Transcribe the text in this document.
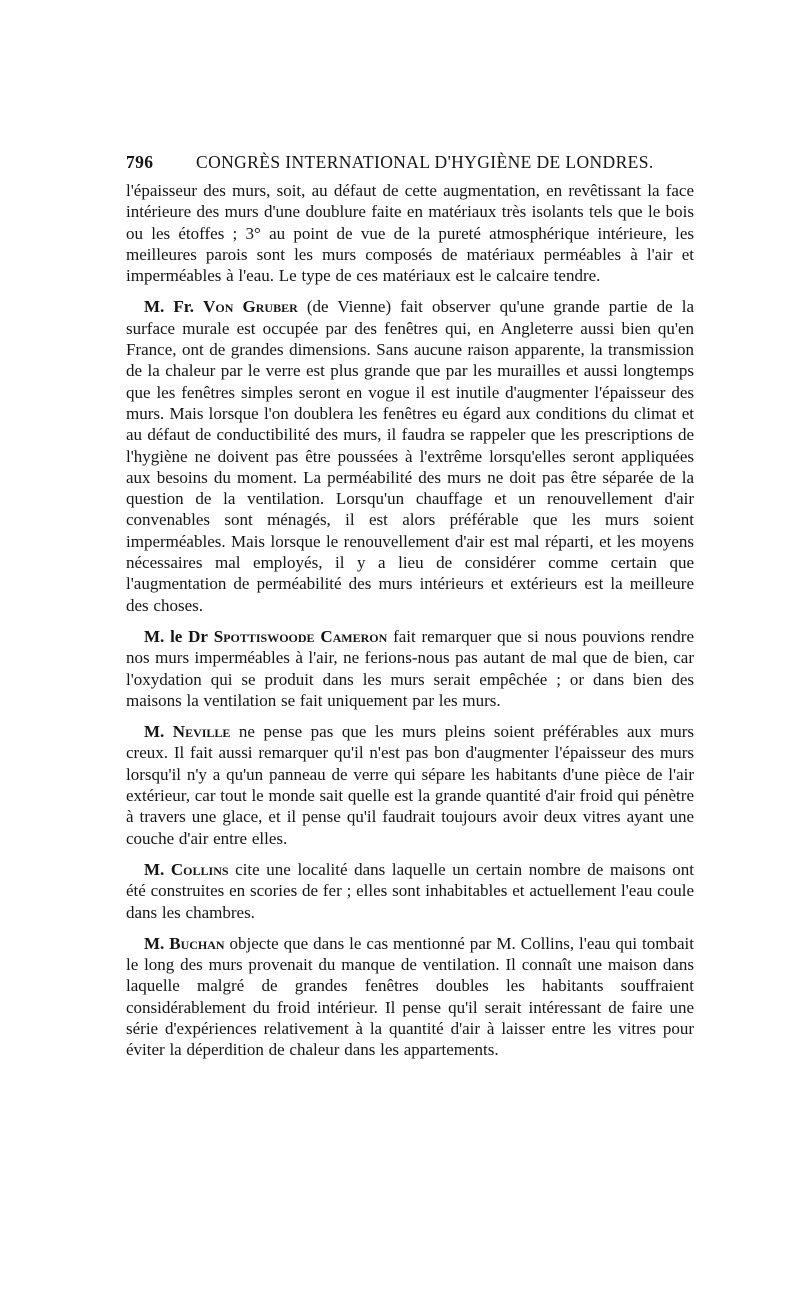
796	CONGRÈS INTERNATIONAL D'HYGIÈNE DE LONDRES.

l'épaisseur des murs, soit, au défaut de cette augmentation, en revêtissant la face intérieure des murs d'une doublure faite en matériaux très isolants tels que le bois ou les étoffes ; 3° au point de vue de la pureté atmosphérique intérieure, les meilleures parois sont les murs composés de matériaux perméables à l'air et imperméables à l'eau. Le type de ces matériaux est le calcaire tendre.

M. Fr. Von Gruber (de Vienne) fait observer qu'une grande partie de la surface murale est occupée par des fenêtres qui, en Angleterre aussi bien qu'en France, ont de grandes dimensions. Sans aucune raison apparente, la transmission de la chaleur par le verre est plus grande que par les murailles et aussi longtemps que les fenêtres simples seront en vogue il est inutile d'augmenter l'épaisseur des murs. Mais lorsque l'on doublera les fenêtres eu égard aux conditions du climat et au défaut de conductibilité des murs, il faudra se rappeler que les prescriptions de l'hygiène ne doivent pas être poussées à l'extrême lorsqu'elles seront appliquées aux besoins du moment. La perméabilité des murs ne doit pas être séparée de la question de la ventilation. Lorsqu'un chauffage et un renouvellement d'air convenables sont ménagés, il est alors préférable que les murs soient imperméables. Mais lorsque le renouvellement d'air est mal réparti, et les moyens nécessaires mal employés, il y a lieu de considérer comme certain que l'augmentation de perméabilité des murs intérieurs et extérieurs est la meilleure des choses.

M. le Dr Spottiswoode Cameron fait remarquer que si nous pouvions rendre nos murs imperméables à l'air, ne ferions-nous pas autant de mal que de bien, car l'oxydation qui se produit dans les murs serait empêchée ; or dans bien des maisons la ventilation se fait uniquement par les murs.

M. Neville ne pense pas que les murs pleins soient préférables aux murs creux. Il fait aussi remarquer qu'il n'est pas bon d'augmenter l'épaisseur des murs lorsqu'il n'y a qu'un panneau de verre qui sépare les habitants d'une pièce de l'air extérieur, car tout le monde sait quelle est la grande quantité d'air froid qui pénètre à travers une glace, et il pense qu'il faudrait toujours avoir deux vitres ayant une couche d'air entre elles.

M. Collins cite une localité dans laquelle un certain nombre de maisons ont été construites en scories de fer ; elles sont inhabitables et actuellement l'eau coule dans les chambres.

M. Buchan objecte que dans le cas mentionné par M. Collins, l'eau qui tombait le long des murs provenait du manque de ventilation. Il connaît une maison dans laquelle malgré de grandes fenêtres doubles les habitants souffraient considérablement du froid intérieur. Il pense qu'il serait intéressant de faire une série d'expériences relativement à la quantité d'air à laisser entre les vitres pour éviter la déperdition de chaleur dans les appartements.
